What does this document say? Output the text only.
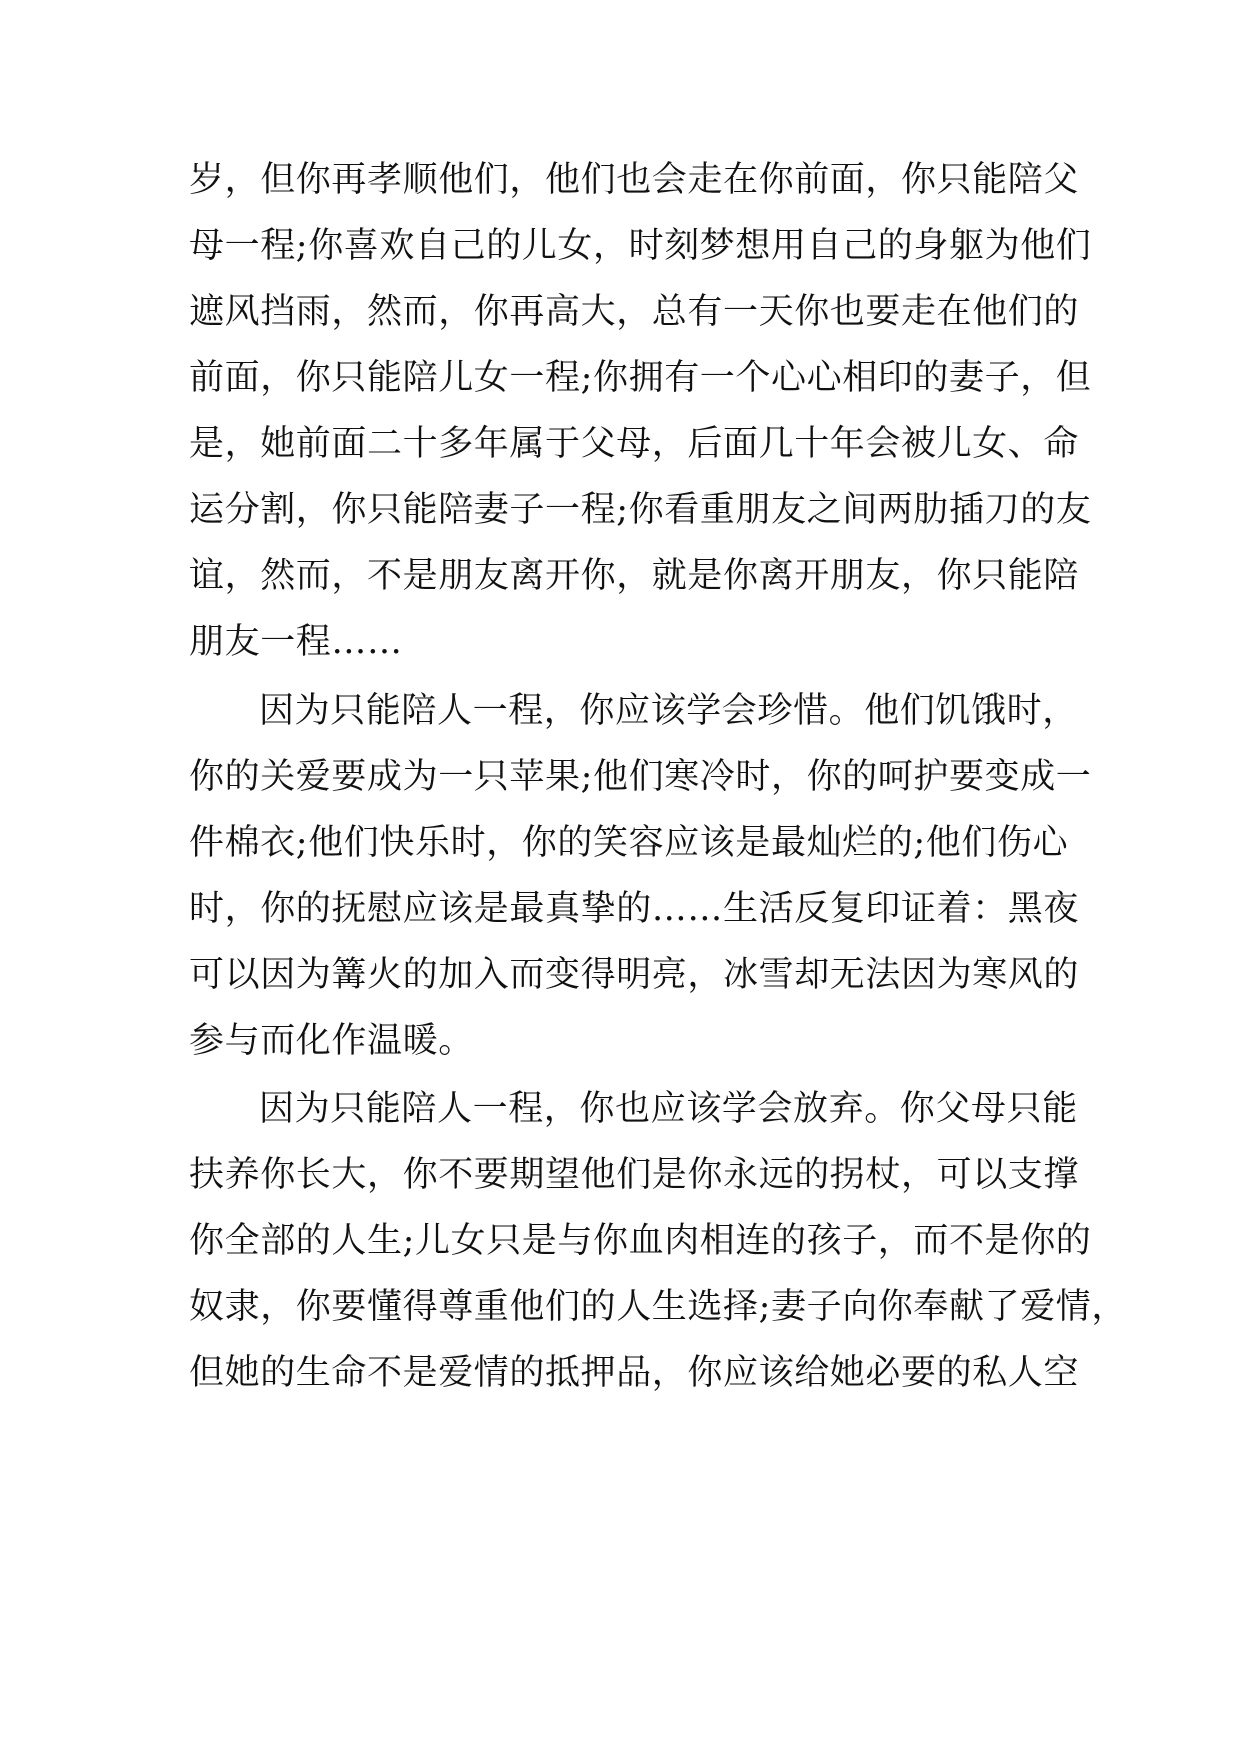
岁，但你再孝顺他们，他们也会走在你前面，你只能陪父
母一程;你喜欢自己的儿女，时刻梦想用自己的身躯为他们
遮风挡雨，然而，你再高大，总有一天你也要走在他们的
前面，你只能陪儿女一程;你拥有一个心心相印的妻子，但
是，她前面二十多年属于父母，后面几十年会被儿女、命
运分割，你只能陪妻子一程;你看重朋友之间两肋插刀的友
谊，然而，不是朋友离开你，就是你离开朋友，你只能陪
朋友一程……
因为只能陪人一程，你应该学会珍惜。他们饥饿时，
你的关爱要成为一只苹果;他们寒冷时，你的呵护要变成一
件棉衣;他们快乐时，你的笑容应该是最灿烂的;他们伤心
时，你的抚慰应该是最真挚的……生活反复印证着：黑夜
可以因为篝火的加入而变得明亮，冰雪却无法因为寒风的
参与而化作温暖。
因为只能陪人一程，你也应该学会放弃。你父母只能
扶养你长大，你不要期望他们是你永远的拐杖，可以支撑
你全部的人生;儿女只是与你血肉相连的孩子，而不是你的
奴隶，你要懂得尊重他们的人生选择;妻子向你奉献了爱情，
但她的生命不是爱情的抵押品，你应该给她必要的私人空
